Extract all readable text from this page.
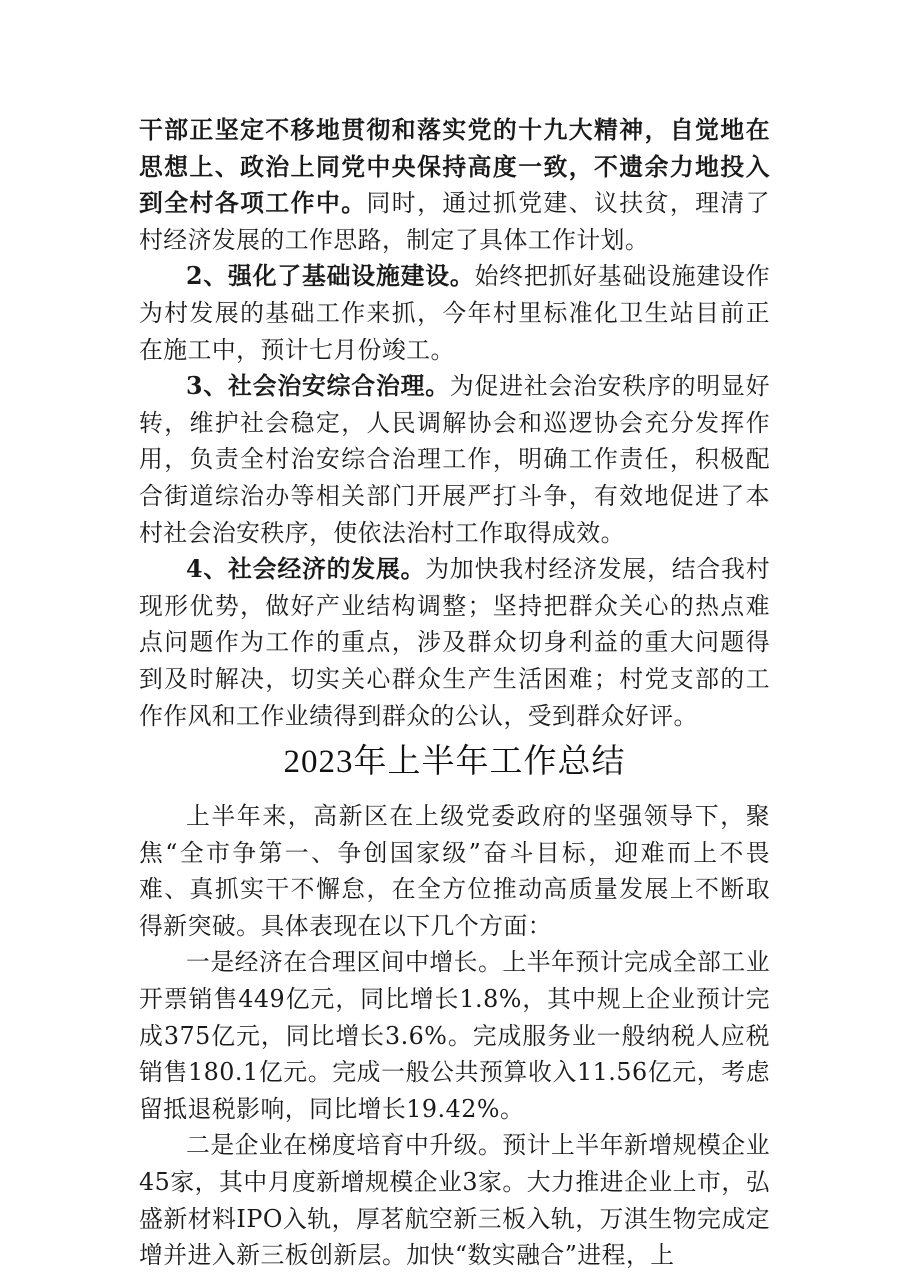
干部正坚定不移地贯彻和落实党的十九大精神，自觉地在思想上、政治上同党中央保持高度一致，不遗余力地投入到全村各项工作中。同时，通过抓党建、议扶贫，理清了村经济发展的工作思路，制定了具体工作计划。

2、强化了基础设施建设。始终把抓好基础设施建设作为村发展的基础工作来抓，今年村里标准化卫生站目前正在施工中，预计七月份竣工。

3、社会治安综合治理。为促进社会治安秩序的明显好转，维护社会稳定，人民调解协会和巡逻协会充分发挥作用，负责全村治安综合治理工作，明确工作责任，积极配合街道综治办等相关部门开展严打斗争，有效地促进了本村社会治安秩序，使依法治村工作取得成效。

4、社会经济的发展。为加快我村经济发展，结合我村现形优势，做好产业结构调整；坚持把群众关心的热点难点问题作为工作的重点，涉及群众切身利益的重大问题得到及时解决，切实关心群众生产生活困难；村党支部的工作作风和工作业绩得到群众的公认，受到群众好评。

2023年上半年工作总结

上半年来，高新区在上级党委政府的坚强领导下，聚焦“全市争第一、争创国家级”奋斗目标，迎难而上不畏难、真抓实干不懈怠，在全方位推动高质量发展上不断取得新突破。具体表现在以下几个方面：

一是经济在合理区间中增长。上半年预计完成全部工业开票销售449亿元，同比增长1.8%，其中规上企业预计完成375亿元，同比增长3.6%。完成服务业一般纳税人应税销售180.1亿元。完成一般公共预算收入11.56亿元，考虑留抵退税影响，同比增长19.42%。

二是企业在梯度培育中升级。预计上半年新增规模企业45家，其中月度新增规模企业3家。大力推进企业上市，弘盛新材料IPO入轨，厚茗航空新三板入轨，万淇生物完成定增并进入新三板创新层。加快“数实融合”进程，上
